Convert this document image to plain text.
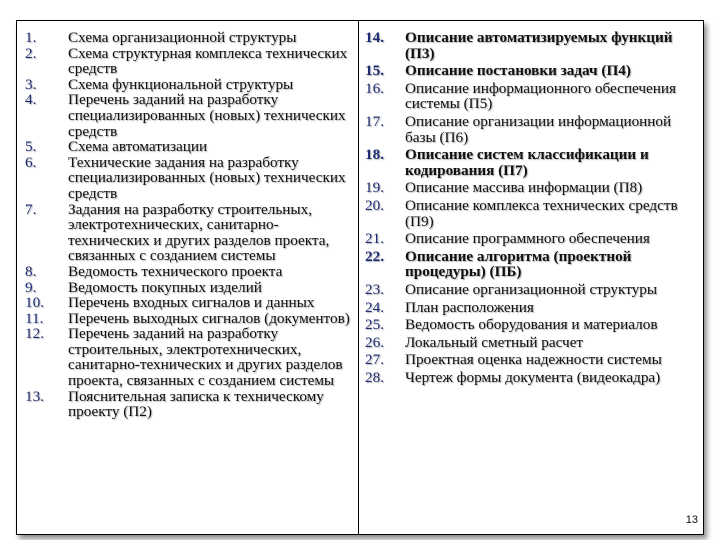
1.	Схема организационной структуры
2.	Схема структурная комплекса технических средств
3.	Схема функциональной структуры
4.	Перечень заданий на разработку специализированных (новых) технических средств
5.	Схема автоматизации
6.	Технические задания на разработку специализированных (новых) технических средств
7.	Задания на разработку строительных, электротехнических, санитарно-технических и других разделов проекта, связанных с созданием системы
8.	Ведомость технического проекта
9.	Ведомость покупных изделий
10.	Перечень входных сигналов и данных
11.	Перечень выходных сигналов (документов)
12.	Перечень заданий на разработку строительных, электротехнических, санитарно-технических и других разделов проекта, связанных с созданием системы
13.	Пояснительная записка к техническому проекту (П2)
14.	Описание автоматизируемых функций (П3)
15.	Описание постановки задач (П4)
16.	Описание информационного обеспечения системы (П5)
17.	Описание организации информационной базы (П6)
18.	Описание систем классификации и кодирования (П7)
19.	Описание массива информации (П8)
20.	Описание комплекса технических средств (П9)
21.	Описание программного обеспечения
22.	Описание алгоритма (проектной процедуры) (ПБ)
23.	Описание организационной структуры
24.	План расположения
25.	Ведомость оборудования и материалов
26.	Локальный сметный расчет
27.	Проектная оценка надежности системы
28.	Чертеж формы документа (видеокадра)
13
